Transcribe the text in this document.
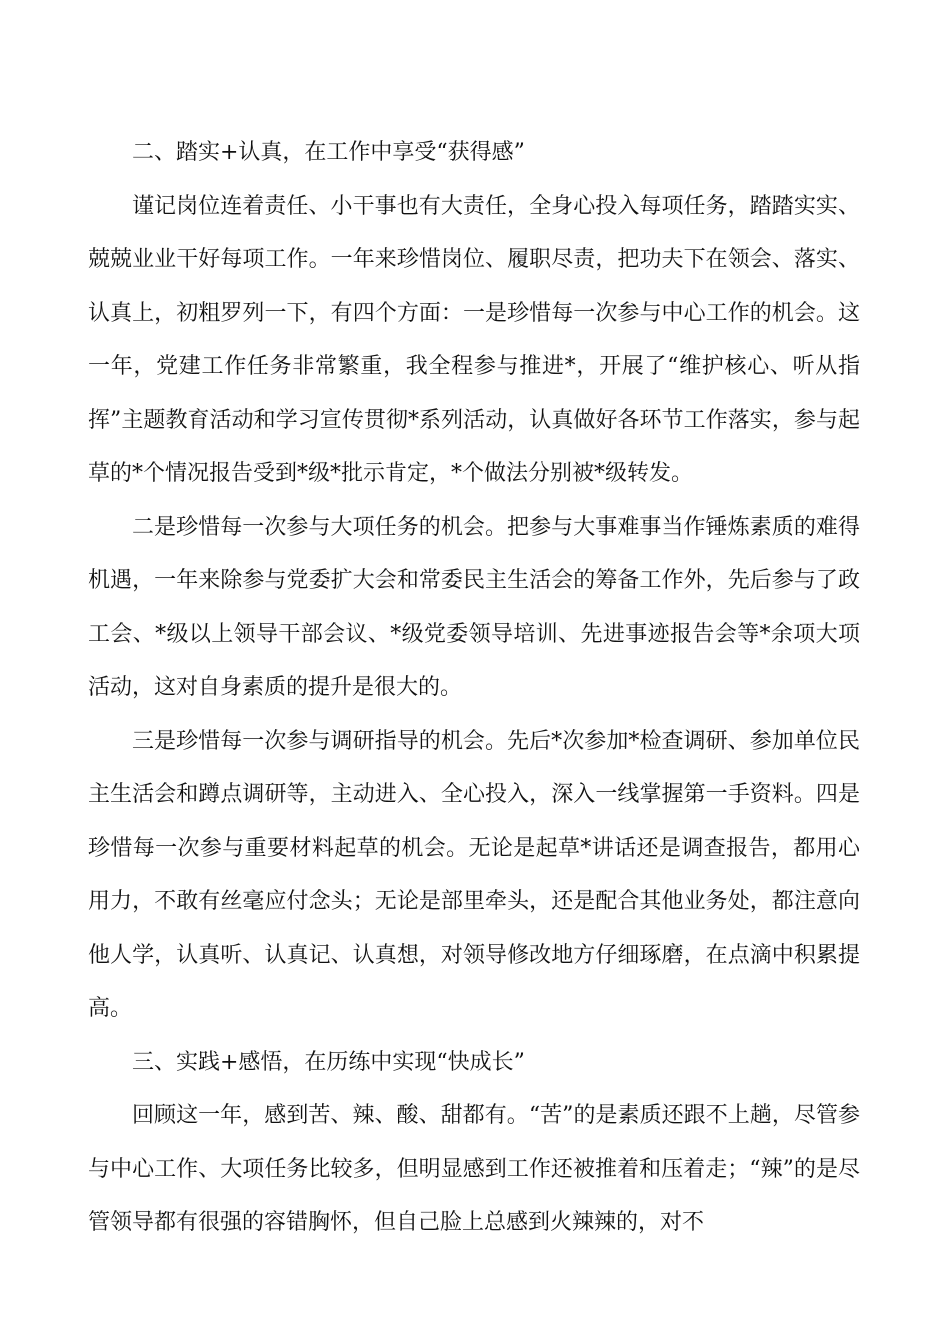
二、踏实+认真，在工作中享受“获得感”

谨记岗位连着责任、小干事也有大责任，全身心投入每项任务，踏踏实实、兢兢业业干好每项工作。一年来珍惜岗位、履职尽责，把功夫下在领会、落实、认真上，初粗罗列一下，有四个方面：一是珍惜每一次参与中心工作的机会。这一年，党建工作任务非常繁重，我全程参与推进*，开展了“维护核心、听从指挥”主题教育活动和学习宣传贯彻*系列活动，认真做好各环节工作落实，参与起草的*个情况报告受到*级*批示肯定，*个做法分别被*级转发。

二是珍惜每一次参与大项任务的机会。把参与大事难事当作锤炼素质的难得机遇，一年来除参与党委扩大会和常委民主生活会的筹备工作外，先后参与了政工会、*级以上领导干部会议、*级党委领导培训、先进事迹报告会等*余项大项活动，这对自身素质的提升是很大的。

三是珍惜每一次参与调研指导的机会。先后*次参加*检查调研、参加单位民主生活会和蹲点调研等，主动进入、全心投入，深入一线掌握第一手资料。四是珍惜每一次参与重要材料起草的机会。无论是起草*讲话还是调查报告，都用心用力，不敢有丝毫应付念头；无论是部里牵头，还是配合其他业务处，都注意向他人学，认真听、认真记、认真想，对领导修改地方仔细琢磨，在点滴中积累提高。

三、实践+感悟，在历练中实现“快成长”

回顾这一年，感到苦、辣、酸、甜都有。“苦”的是素质还跟不上趟，尽管参与中心工作、大项任务比较多，但明显感到工作还被推着和压着走；“辣”的是尽管领导都有很强的容错胸怀，但自己脸上总感到火辣辣的，对不
